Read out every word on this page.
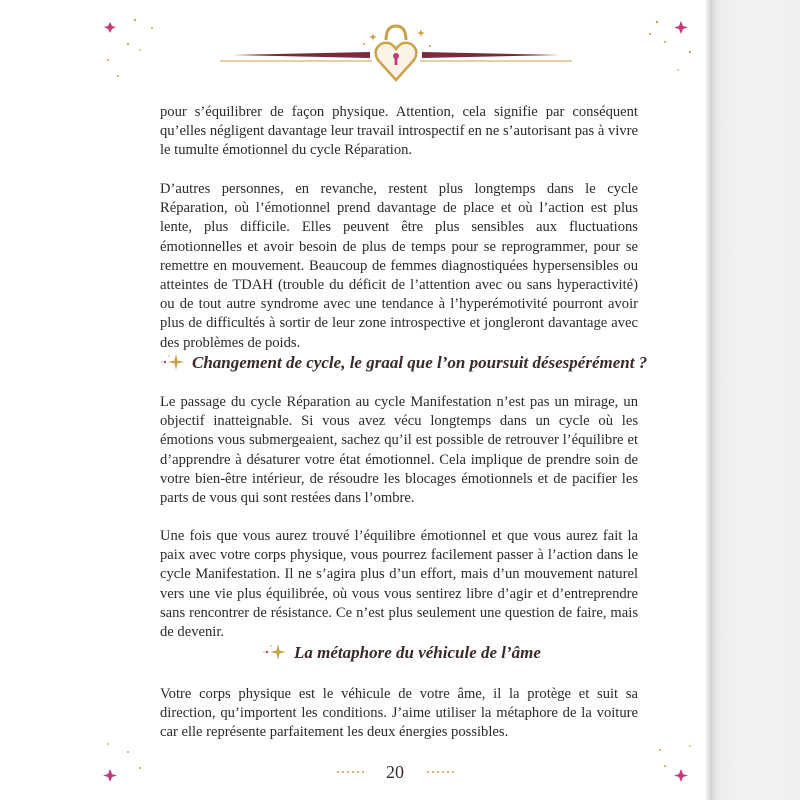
pour s’équilibrer de façon physique. Attention, cela signifie par conséquent qu’elles négligent davantage leur travail introspectif en ne s’autorisant pas à vivre le tumulte émotionnel du cycle Réparation.

D’autres personnes, en revanche, restent plus longtemps dans le cycle Réparation, où l’émotionnel prend davantage de place et où l’action est plus lente, plus difficile. Elles peuvent être plus sensibles aux fluctuations émotionnelles et avoir besoin de plus de temps pour se reprogrammer, pour se remettre en mouvement. Beaucoup de femmes diagnostiquées hypersensibles ou atteintes de TDAH (trouble du déficit de l’attention avec ou sans hyperactivité) ou de tout autre syndrome avec une tendance à l’hyperémotivité pourront avoir plus de difficultés à sortir de leur zone introspective et jongleront davantage avec des problèmes de poids.

Changement de cycle, le graal que l’on poursuit désespérément ?

Le passage du cycle Réparation au cycle Manifestation n’est pas un mirage, un objectif inatteignable. Si vous avez vécu longtemps dans un cycle où les émotions vous submergeaient, sachez qu’il est possible de retrouver l’équilibre et d’apprendre à désaturer votre état émotionnel. Cela implique de prendre soin de votre bien-être intérieur, de résoudre les blocages émotionnels et de pacifier les parts de vous qui sont restées dans l’ombre.

Une fois que vous aurez trouvé l’équilibre émotionnel et que vous aurez fait la paix avec votre corps physique, vous pourrez facilement passer à l’action dans le cycle Manifestation. Il ne s’agira plus d’un effort, mais d’un mouvement naturel vers une vie plus équilibrée, où vous vous sentirez libre d’agir et d’entreprendre sans rencontrer de résistance. Ce n’est plus seulement une question de faire, mais de devenir.

La métaphore du véhicule de l’âme

Votre corps physique est le véhicule de votre âme, il la protège et suit sa direction, qu’importent les conditions. J’aime utiliser la métaphore de la voiture car elle représente parfaitement les deux énergies possibles.

20
